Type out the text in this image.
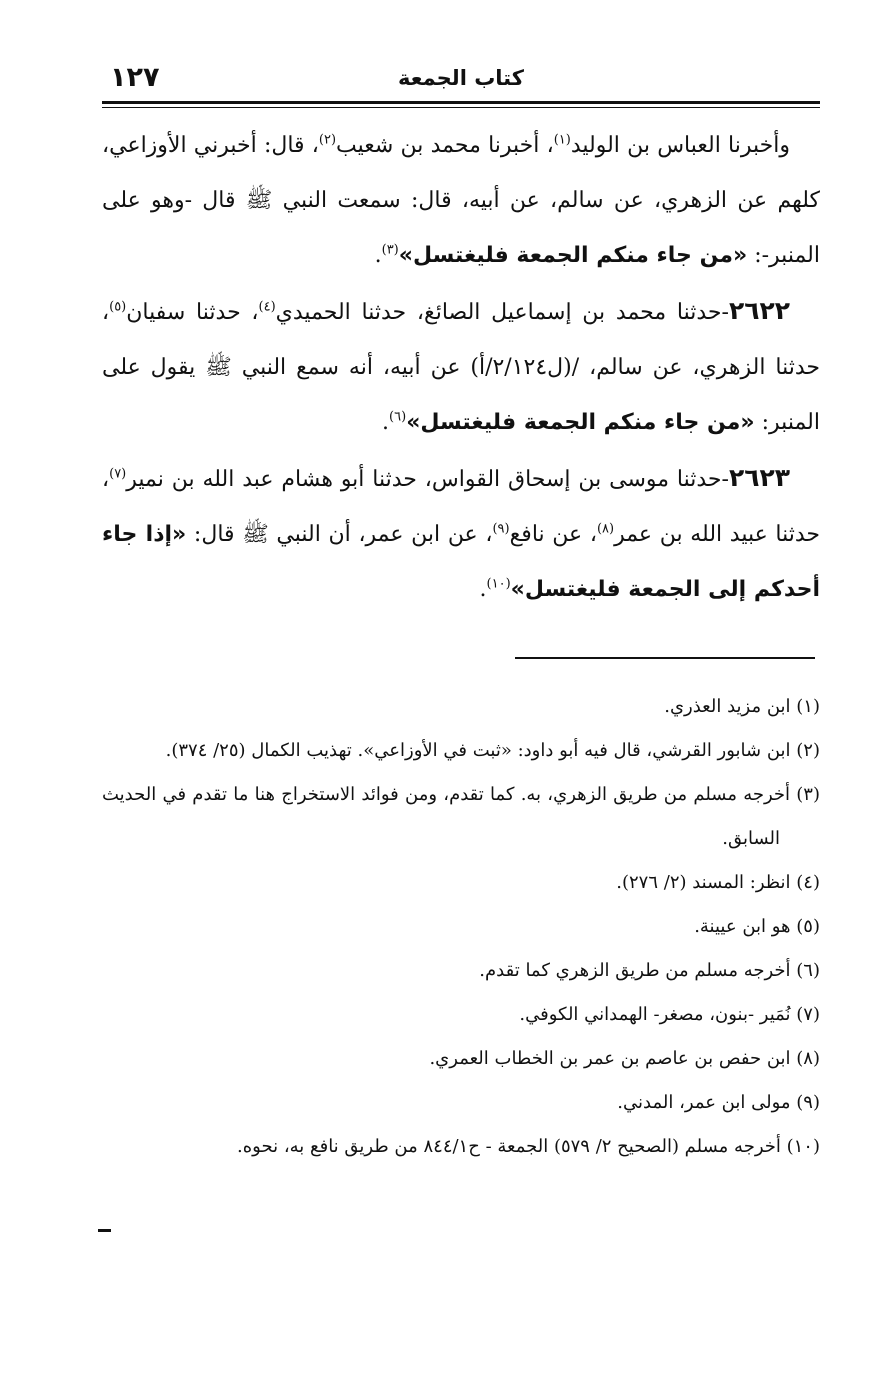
١٢٧	كتاب الجمعة

وأخبرنا العباس بن الوليد$^{(١)}$، أخبرنا محمد بن شعيب$^{(٢)}$، قال: أخبرني الأوزاعي، كلهم عن الزهري، عن سالم، عن أبيه، قال: سمعت النبي ﷺ قال -وهو على المنبر-: «من جاء منكم الجمعة فليغتسل»$^{(٣)}$.

٢٦٢٢-حدثنا محمد بن إسماعيل الصائغ، حدثنا الحميدي$^{(٤)}$، حدثنا سفيان$^{(٥)}$، حدثنا الزهري، عن سالم، /(ل٢/١٢٤/أ) عن أبيه، أنه سمع النبي ﷺ يقول على المنبر: «من جاء منكم الجمعة فليغتسل»$^{(٦)}$.

٢٦٢٣-حدثنا موسى بن إسحاق القواس، حدثنا أبو هشام عبد الله بن نمير$^{(٧)}$، حدثنا عبيد الله بن عمر$^{(٨)}$، عن نافع$^{(٩)}$، عن ابن عمر، أن النبي ﷺ قال: «إذا جاء أحدكم إلى الجمعة فليغتسل»$^{(١٠)}$.

(١) ابن مزيد العذري.

(٢) ابن شابور القرشي، قال فيه أبو داود: «ثبت في الأوزاعي». تهذيب الكمال (٢٥/ ٣٧٤).

(٣) أخرجه مسلم من طريق الزهري، به. كما تقدم، ومن فوائد الاستخراج هنا ما تقدم في الحديث السابق.

(٤) انظر: المسند (٢/ ٢٧٦).

(٥) هو ابن عيينة.

(٦) أخرجه مسلم من طريق الزهري كما تقدم.

(٧) نُمَير -بنون، مصغر- الهمداني الكوفي.

(٨) ابن حفص بن عاصم بن عمر بن الخطاب العمري.

(٩) مولى ابن عمر، المدني.

(١٠) أخرجه مسلم (الصحيح ٢/ ٥٧٩) الجمعة - ح٨٤٤/١ من طريق نافع به، نحوه.
